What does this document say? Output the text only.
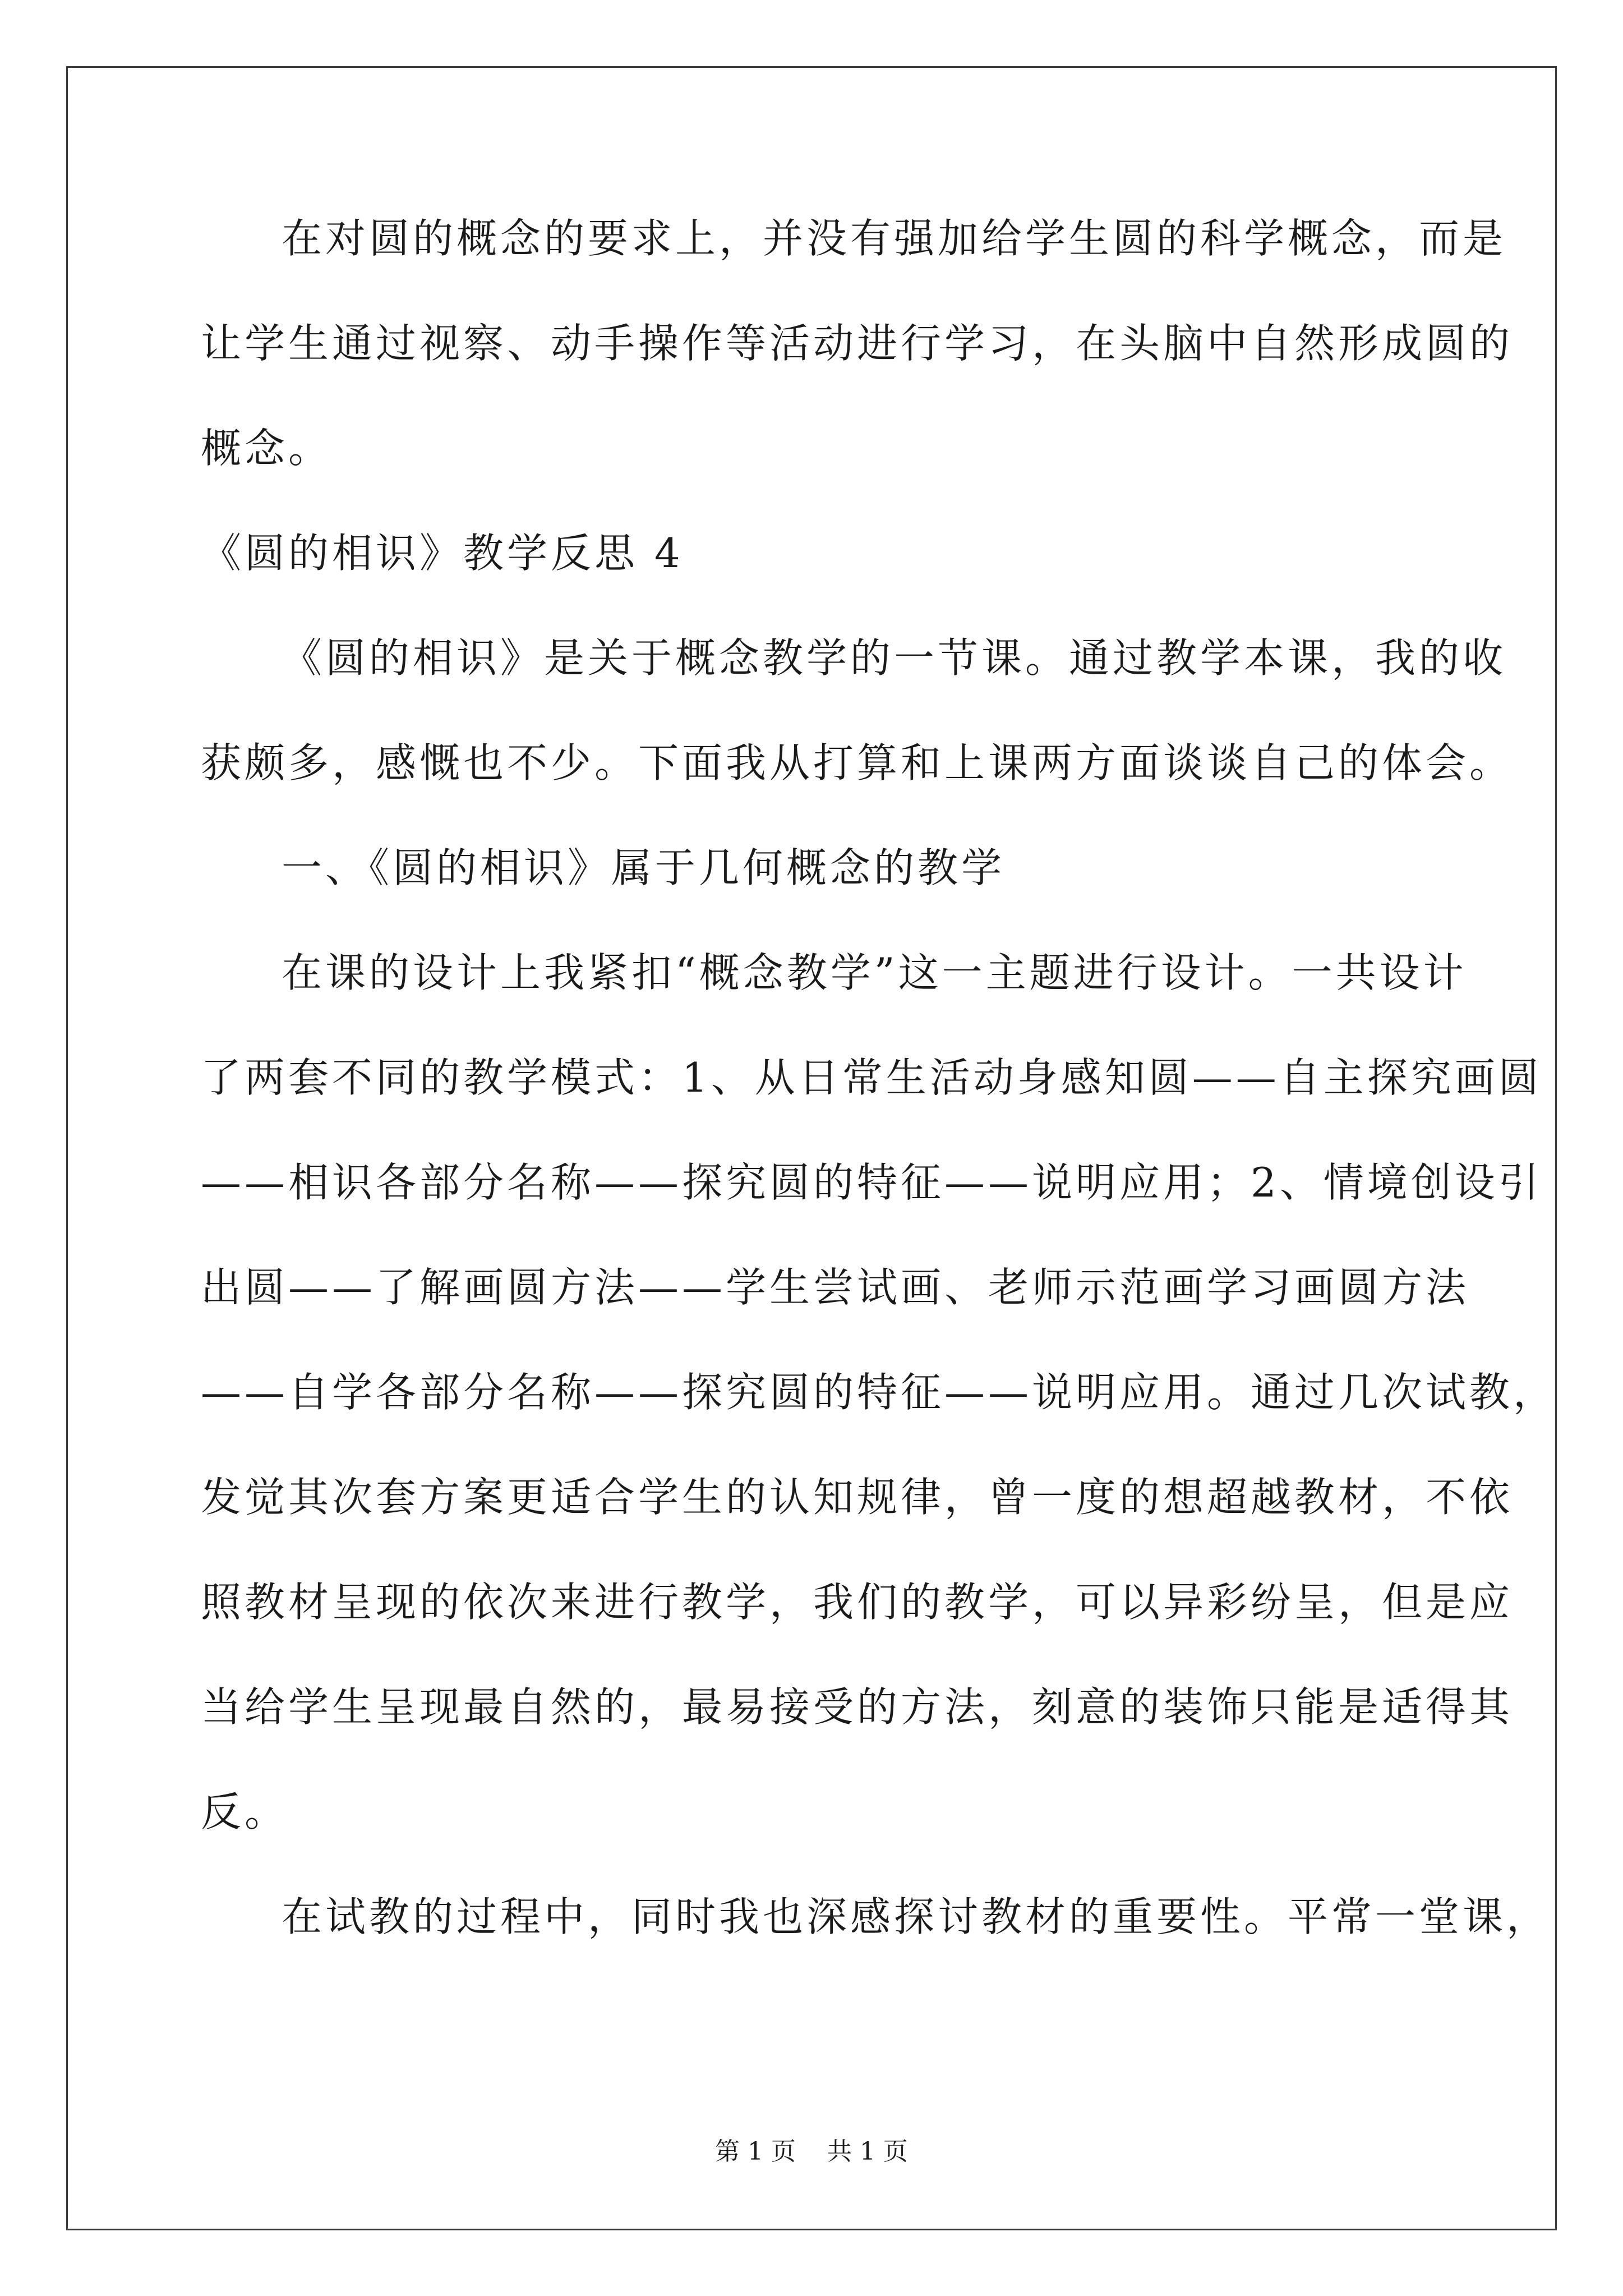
在对圆的概念的要求上，并没有强加给学生圆的科学概念，而是
让学生通过视察、动手操作等活动进行学习，在头脑中自然形成圆的
概念。
《圆的相识》教学反思 4
《圆的相识》是关于概念教学的一节课。通过教学本课，我的收
获颇多，感慨也不少。下面我从打算和上课两方面谈谈自己的体会。
一、《圆的相识》属于几何概念的教学
在课的设计上我紧扣“概念教学”这一主题进行设计。一共设计
了两套不同的教学模式：1、从日常生活动身感知圆——自主探究画圆
——相识各部分名称——探究圆的特征——说明应用；2、情境创设引
出圆——了解画圆方法——学生尝试画、老师示范画学习画圆方法
——自学各部分名称——探究圆的特征——说明应用。通过几次试教，
发觉其次套方案更适合学生的认知规律，曾一度的想超越教材，不依
照教材呈现的依次来进行教学，我们的教学，可以异彩纷呈，但是应
当给学生呈现最自然的，最易接受的方法，刻意的装饰只能是适得其
反。
在试教的过程中，同时我也深感探讨教材的重要性。平常一堂课，
第 1 页    共 1 页
